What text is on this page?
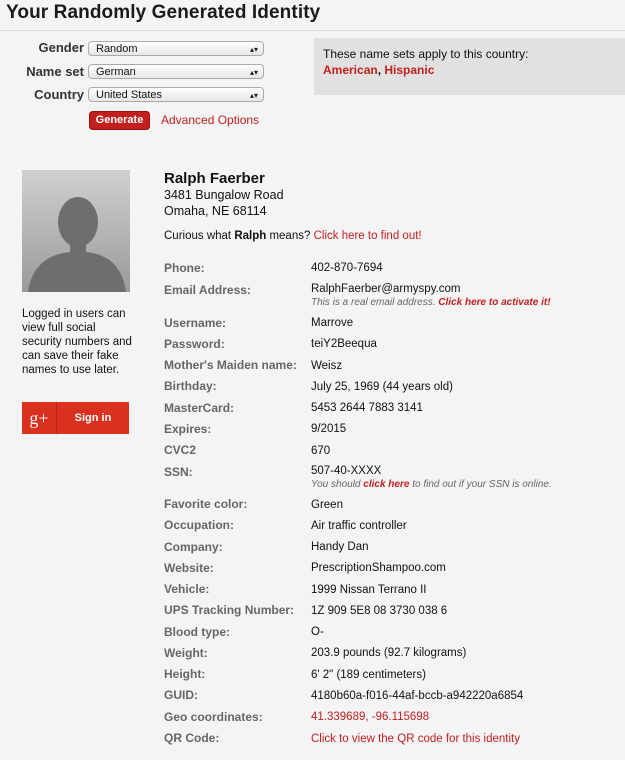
Your Randomly Generated Identity
Gender	Random	▴▾
Name set	German	▴▾
Country	United States	▴▾
Generate	Advanced Options
These name sets apply to this country:
American, Hispanic
Logged in users can view full social security numbers and can save their fake names to use later.
g+	Sign in
Ralph Faerber
3481 Bungalow Road
Omaha, NE 68114
Curious what Ralph means? Click here to find out!
Phone:	402-870-7694
Email Address:	RalphFaerber@armyspy.com
This is a real email address. Click here to activate it!
Username:	Marrove
Password:	teiY2Beequa
Mother's Maiden name: Weisz
Birthday:	July 25, 1969 (44 years old)
MasterCard:	5453 2644 7883 3141
Expires:	9/2015
CVC2	670
SSN:	507-40-XXXX
You should click here to find out if your SSN is online.
Favorite color:	Green
Occupation:	Air traffic controller
Company:	Handy Dan
Website:	PrescriptionShampoo.com
Vehicle:	1999 Nissan Terrano II
UPS Tracking Number: 1Z 909 5E8 08 3730 038 6
Blood type:	O-
Weight:	203.9 pounds (92.7 kilograms)
Height:	6' 2" (189 centimeters)
GUID:	4180b60a-f016-44af-bccb-a942220a6854
Geo coordinates:	41.339689, -96.115698
QR Code:	Click to view the QR code for this identity
